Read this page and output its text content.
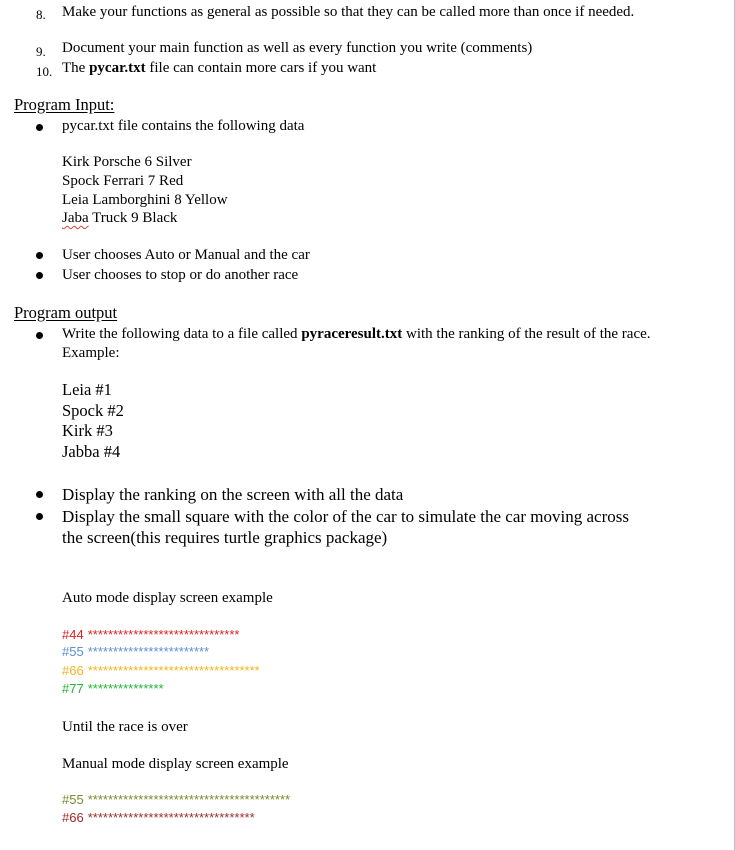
8.	Make your functions as general as possible so that they can be called more than once if needed.
9.	Document your main function as well as every function you write (comments)
10. The pycar.txt file can contain more cars if you want
Program Input:
pycar.txt file contains the following data
Kirk Porsche 6 Silver
Spock Ferrari 7 Red
Leia Lamborghini 8 Yellow
Jaba Truck 9 Black
User chooses Auto or Manual and the car
User chooses to stop or do another race
Program output
Write the following data to a file called pyraceresult.txt with the ranking of the result of the race. Example:
Leia #1
Spock #2
Kirk #3
Jabba #4
Display the ranking on the screen with all the data
Display the small square with the color of the car to simulate the car moving across the screen(this requires turtle graphics package)
Auto mode display screen example
#44 ******************************
#55 ************************
#66 **********************************
#77 ***************
Until the race is over
Manual mode display screen example
#55 ****************************************
#66 *********************************
